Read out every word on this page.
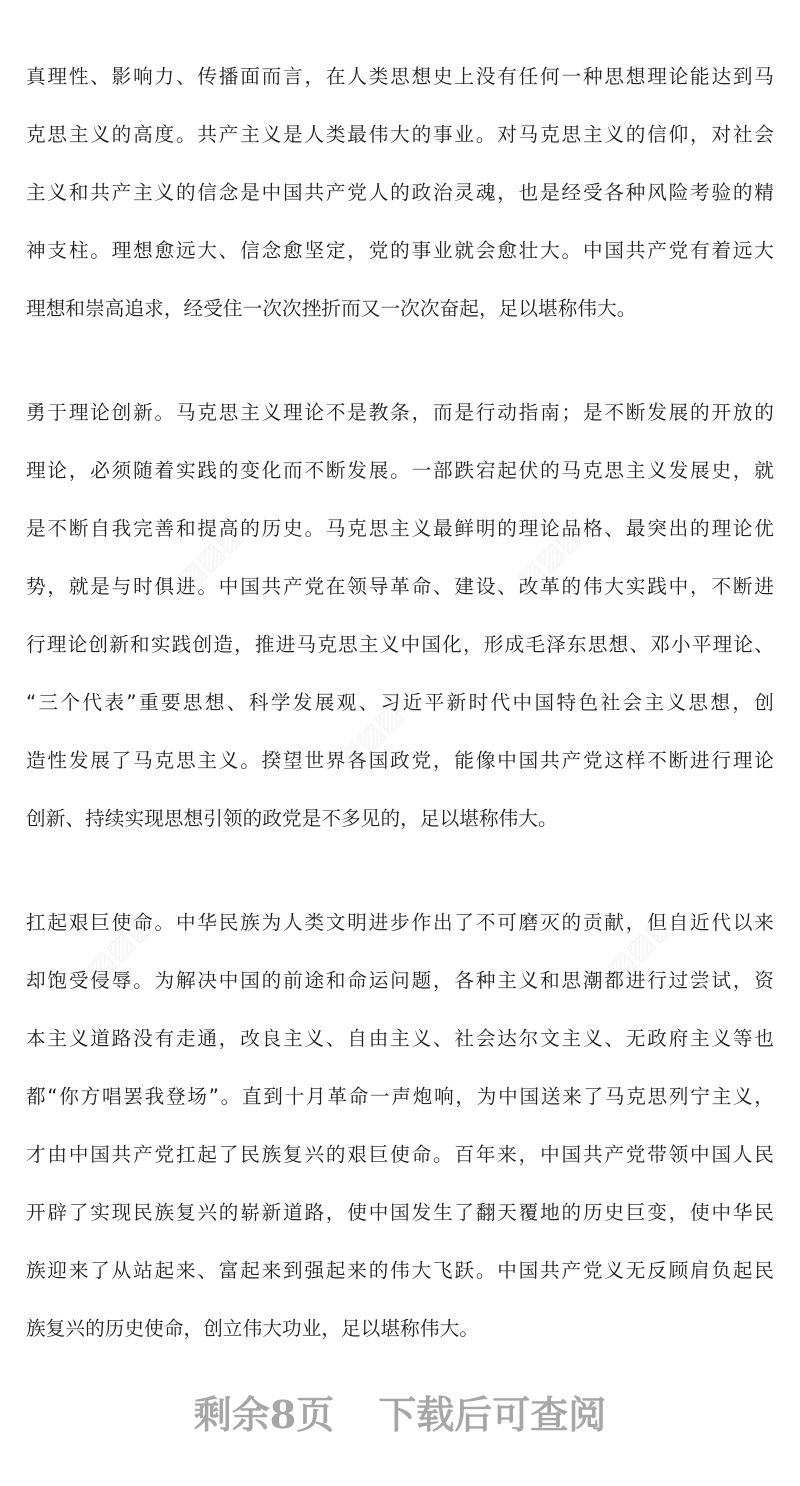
真理性、影响力、传播面而言，在人类思想史上没有任何一种思想理论能达到马
克思主义的高度。共产主义是人类最伟大的事业。对马克思主义的信仰，对社会
主义和共产主义的信念是中国共产党人的政治灵魂，也是经受各种风险考验的精
神支柱。理想愈远大、信念愈坚定，党的事业就会愈壮大。中国共产党有着远大
理想和崇高追求，经受住一次次挫折而又一次次奋起，足以堪称伟大。
勇于理论创新。马克思主义理论不是教条，而是行动指南；是不断发展的开放的
理论，必须随着实践的变化而不断发展。一部跌宕起伏的马克思主义发展史，就
是不断自我完善和提高的历史。马克思主义最鲜明的理论品格、最突出的理论优
势，就是与时俱进。中国共产党在领导革命、建设、改革的伟大实践中，不断进
行理论创新和实践创造，推进马克思主义中国化，形成毛泽东思想、邓小平理论、
“三个代表”重要思想、科学发展观、习近平新时代中国特色社会主义思想，创
造性发展了马克思主义。揆望世界各国政党，能像中国共产党这样不断进行理论
创新、持续实现思想引领的政党是不多见的，足以堪称伟大。
扛起艰巨使命。中华民族为人类文明进步作出了不可磨灭的贡献，但自近代以来
却饱受侵辱。为解决中国的前途和命运问题，各种主义和思潮都进行过尝试，资
本主义道路没有走通，改良主义、自由主义、社会达尔文主义、无政府主义等也
都“你方唱罢我登场”。直到十月革命一声炮响，为中国送来了马克思列宁主义，
才由中国共产党扛起了民族复兴的艰巨使命。百年来，中国共产党带领中国人民
开辟了实现民族复兴的崭新道路，使中国发生了翻天覆地的历史巨变，使中华民
族迎来了从站起来、富起来到强起来的伟大飞跃。中国共产党义无反顾肩负起民
族复兴的历史使命，创立伟大功业，足以堪称伟大。
▨▨▨	▨▨▨
▨▨▨
▨▨▨	▨▨▨
剩余8页 下载后可查阅
